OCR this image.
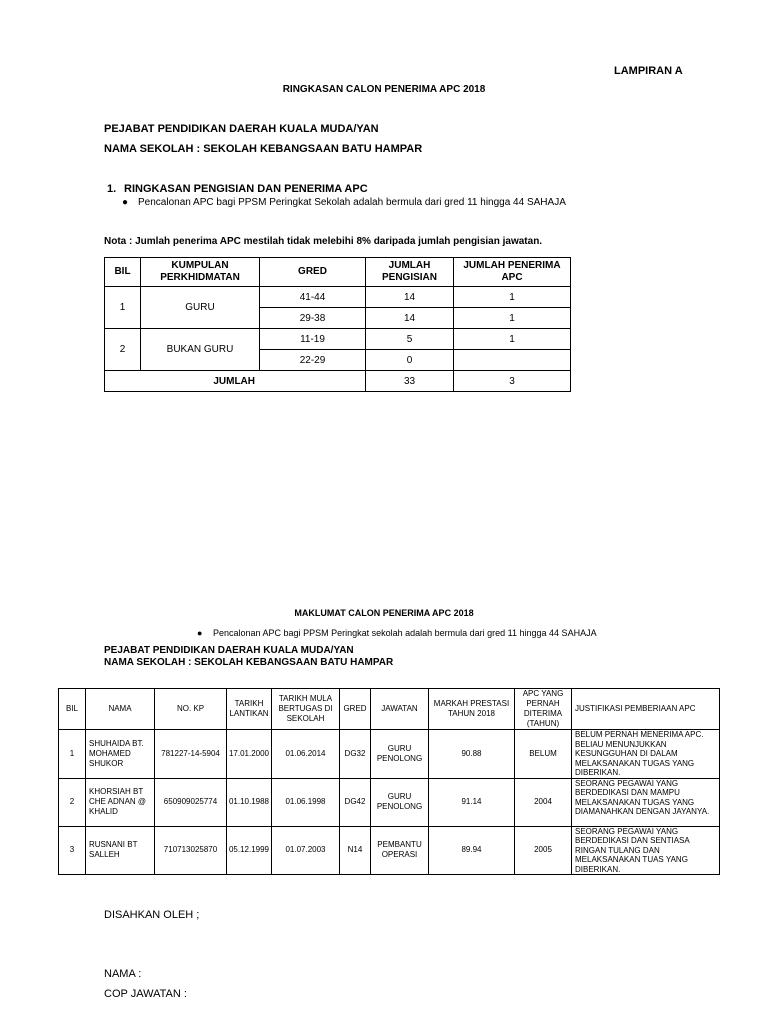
LAMPIRAN A
RINGKASAN CALON PENERIMA APC 2018
PEJABAT PENDIDIKAN DAERAH KUALA MUDA/YAN
NAMA SEKOLAH : SEKOLAH KEBANGSAAN BATU HAMPAR
1. RINGKASAN PENGISIAN DAN PENERIMA APC
● Pencalonan APC bagi PPSM Peringkat Sekolah adalah bermula dari gred 11 hingga 44 SAHAJA
Nota : Jumlah penerima APC mestilah tidak melebihi 8% daripada jumlah pengisian jawatan.
BIL	KUMPULAN PERKHIDMATAN	GRED	JUMLAH PENGISIAN	JUMLAH PENERIMA APC
1	GURU	41-44	14	1
		29-38	14	1
2	BUKAN GURU	11-19	5	1
		22-29	0	
JUMLAH			33	3
MAKLUMAT CALON PENERIMA APC 2018
● Pencalonan APC bagi PPSM Peringkat sekolah adalah bermula dari gred 11 hingga 44 SAHAJA
PEJABAT PENDIDIKAN DAERAH KUALA MUDA/YAN
NAMA SEKOLAH : SEKOLAH KEBANGSAAN BATU HAMPAR
BIL	NAMA	NO. KP	TARIKH LANTIKAN	TARIKH MULA BERTUGAS DI SEKOLAH	GRED	JAWATAN	MARKAH PRESTASI TAHUN 2018	APC YANG PERNAH DITERIMA (TAHUN)	JUSTIFIKASI PEMBERIAAN APC
1	SHUHAIDA BT. MOHAMED SHUKOR	781227-14-5904	17.01.2000	01.06.2014	DG32	GURU PENOLONG	90.88	BELUM	BELUM PERNAH MENERIMA APC. BELIAU MENUNJUKKAN KESUNGGUHAN DI DALAM MELAKSANAKAN TUGAS YANG DIBERIKAN.
2	KHORSIAH BT CHE ADNAN @ KHALID	650909025774	01.10.1988	01.06.1998	DG42	GURU PENOLONG	91.14	2004	SEORANG PEGAWAI YANG BERDEDIKASI DAN MAMPU MELAKSANAKAN TUGAS YANG DIAMANAHKAN DENGAN JAYANYA.
3	RUSNANI BT SALLEH	710713025870	05.12.1999	01.07.2003	N14	PEMBANTU OPERASI	89.94	2005	SEORANG PEGAWAI YANG BERDEDIKASI DAN SENTIASA RINGAN TULANG DAN MELAKSANAKAN TUAS YANG DIBERIKAN.
DISAHKAN OLEH ;
NAMA :
COP JAWATAN :
